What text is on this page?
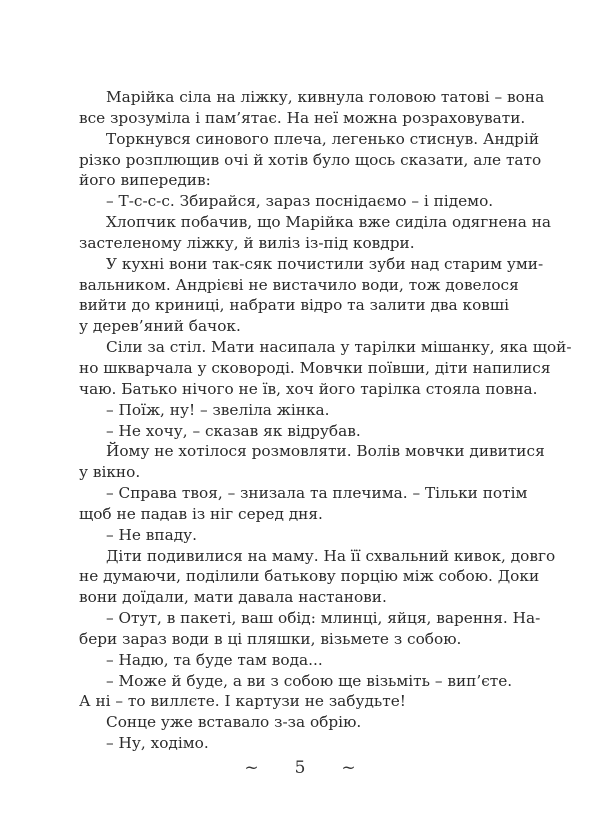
Марійка сіла на ліжку, кивнула головою татові – вона
все зрозуміла і пам’ятає. На неї можна розраховувати.
Торкнувся синового плеча, легенько стиснув. Андрій
різко розплющив очі й хотів було щось сказати, але тато
його випередив:
– Т-с-с-с. Збирайся, зараз поснідаємо – і підемо.
Хлопчик побачив, що Марійка вже сиділа одягнена на
застеленому ліжку, й виліз із-під ковдри.
У кухні вони так-сяк почистили зуби над старим уми-
вальником. Андрієві не вистачило води, тож довелося
вийти до криниці, набрати відро та залити два ковші
у дерев’яний бачок.
Сіли за стіл. Мати насипала у тарілки мішанку, яка щой-
но шкварчала у сковороді. Мовчки поївши, діти напилися
чаю. Батько нічого не їв, хоч його тарілка стояла повна.
– Поїж, ну! – звеліла жінка.
– Не хочу, – сказав як відрубав.
Йому не хотілося розмовляти. Волів мовчки дивитися
у вікно.
– Справа твоя, – знизала та плечима. – Тільки потім
щоб не падав із ніг серед дня.
– Не впаду.
Діти подивилися на маму. На її схвальний кивок, довго
не думаючи, поділили батькову порцію між собою. Доки
вони доїдали, мати давала настанови.
– Отут, в пакеті, ваш обід: млинці, яйця, варення. На-
бери зараз води в ці пляшки, візьмете з собою.
– Надю, та буде там вода...
– Може й буде, а ви з собою ще візьміть – вип’єте.
А ні – то виллєте. І картузи не забудьте!
Сонце уже вставало з-за обрію.
– Ну, ходімо.
~ 5 ~
